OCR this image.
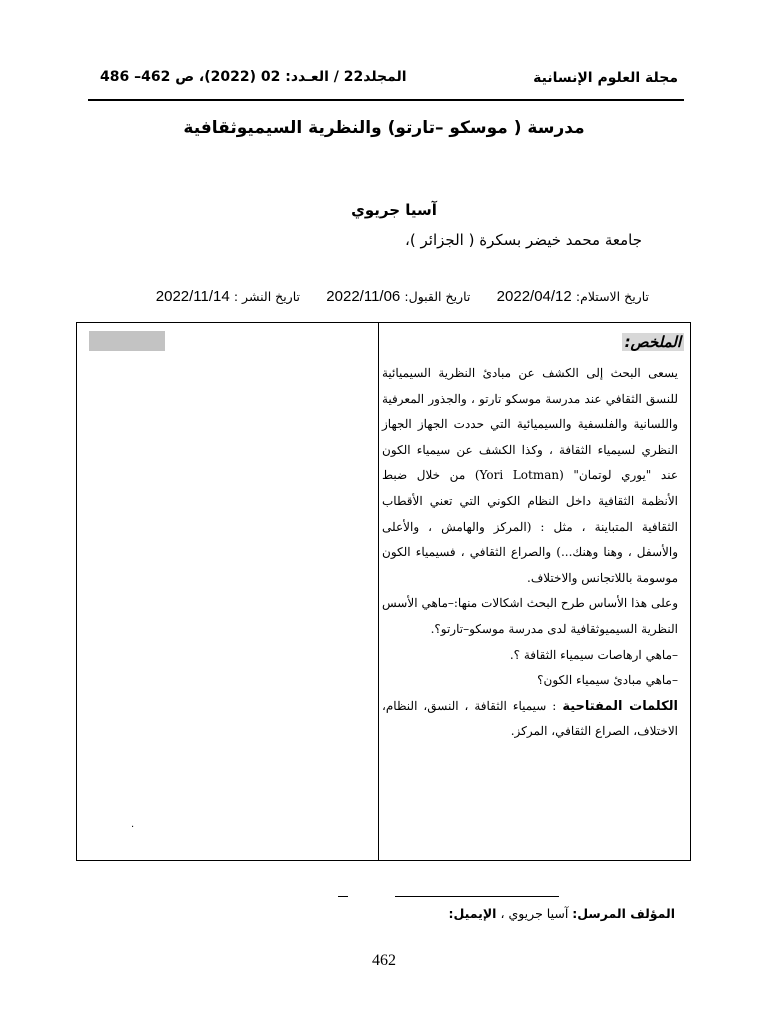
مجلة العلوم الإنسانية
المجلد22 / العـدد: 02 (2022)، ص 462– 486
مدرسة ( موسكو –تارتو) والنظرية السيميوثقافية
آسيا جريوي
جامعة محمد خيضر بسكرة ( الجزائر )،
تاريخ الاستلام: 2022/04/12  تاريخ القبول: 2022/11/06  تاريخ النشر : 2022/11/14
.
الملخص:

يسعى البحث إلى الكشف عن مبادئ النظرية السيميائية للنسق الثقافي عند مدرسة موسكو تارتو ، والجذور المعرفية واللسانية والفلسفية والسيميائية التي حددت الجهاز الجهاز النظري لسيمياء الثقافة ، وكذا الكشف عن سيمياء الكون عند "يوري لوتمان" (Yori Lotman) من خلال ضبط الأنظمة الثقافية داخل النظام الكوني التي تعني الأقطاب الثقافية المتباينة ، مثل : (المركز والهامش ، والأعلى والأسفل ، وهنا وهنك...) والصراع الثقافي ، فسيمياء الكون موسومة باللاتجانس والاختلاف.

وعلى هذا الأساس طرح البحث اشكالات منها:–ماهي الأسس النظرية السيميوثقافية لدى مدرسة موسكو–تارتو؟.

–ماهي ارهاصات سيمياء الثقافة ؟.

–ماهي مبادئ سيمياء الكون؟

الكلمات المفتاحية : سيمياء الثقافة ، النسق، النظام، الاختلاف، الصراع الثقافي، المركز.

المؤلف المرسل: آسيا جريوي ، الإيميل:
462
